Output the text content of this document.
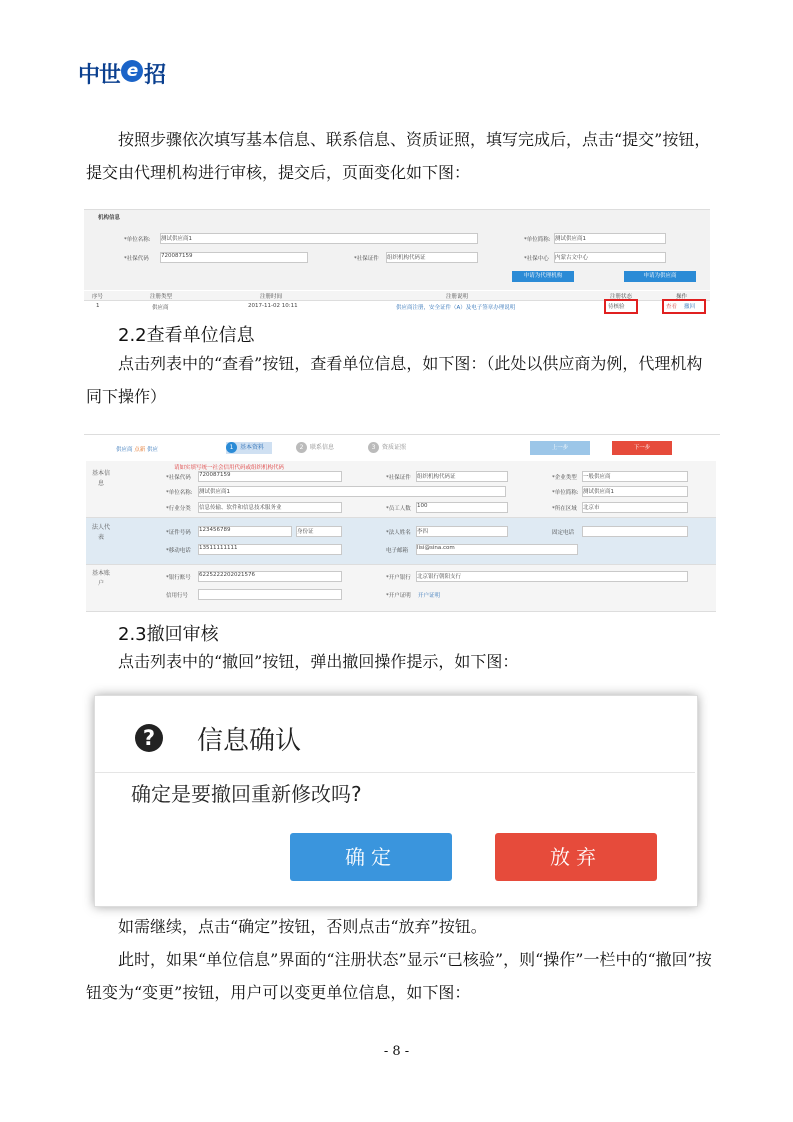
中世 e 招

按照步骤依次填写基本信息、联系信息、资质证照，填写完成后，点击“提交”按钮，提交由代理机构进行审核，提交后，页面变化如下图：

机构信息
*单位名称: 测试供应商1	*单位简称: 测试供应商1
*社保代码 720087159	*社保证件 组织机构代码证	*社保中心 内蒙古文中心
申请为代理机构	申请为供应商
序号	注册类型	注册时间	注册说明	注册状态	操作
1	供应商	2017-11-02 10:11	供应商注册，安全证件（A）及电子签章办理说明	待核验	查看 撤回
2.2查看单位信息

点击列表中的“查看”按钮，查看单位信息，如下图：（此处以供应商为例，代理机构同下操作）

供应商 点新 供应	1 基本资料	2 联系信息	3 资质证照	上一步	下一步
基本信息
法人代表
基本账户
请如实填写统一社会信用代码或组织机构代码
*社保代码 720087159	*社保证件 组织机构代码证	*企业类型 一般供应商
*单位名称: 测试供应商1	*单位简称: 测试供应商1
*行业分类 信息传输、软件和信息技术服务业	*员工人数 100	*所在区域 北京市
*证件号码 123456789	身份证	*法人姓名 李四	固定电话
*移动电话 13511111111	电子邮箱 lisi@sina.com
*银行账号 6225222202021576	*开户银行 北京银行朝阳支行
信用行号	*开户证明 开户证明
2.3撤回审核

点击列表中的“撤回”按钮，弹出撤回操作提示，如下图：

?	信息确认
确定是要撤回重新修改吗?
确定	放弃

如需继续，点击“确定”按钮，否则点击“放弃”按钮。

此时，如果“单位信息”界面的“注册状态”显示“已核验”，则“操作”一栏中的“撤回”按钮变为“变更”按钮，用户可以变更单位信息，如下图：

- 8 -
